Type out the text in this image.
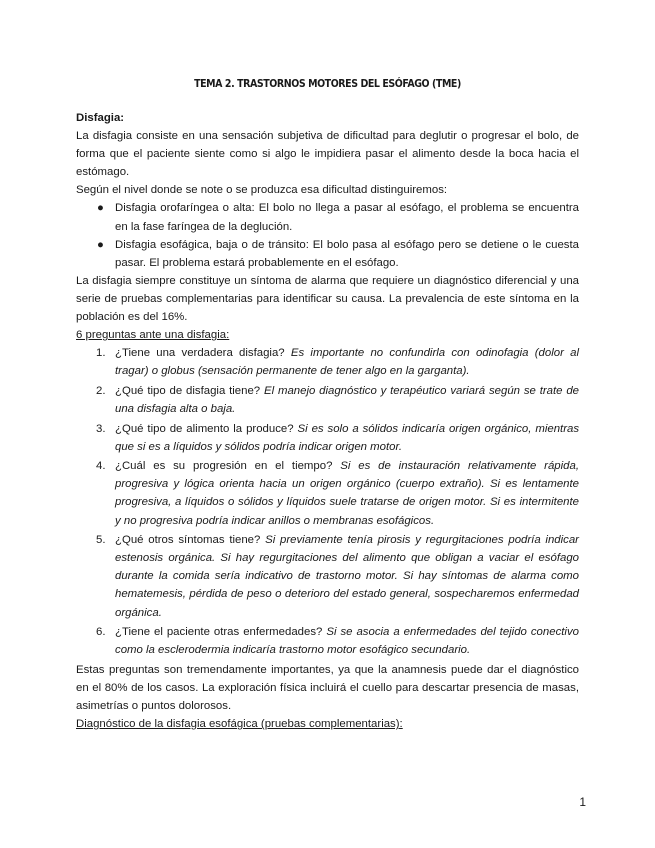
TEMA 2. TRASTORNOS MOTORES DEL ESÓFAGO (TME)

Disfagia:

La disfagia consiste en una sensación subjetiva de dificultad para deglutir o progresar el bolo, de forma que el paciente siente como si algo le impidiera pasar el alimento desde la boca hacia el estómago.

Según el nivel donde se note o se produzca esa dificultad distinguiremos:

● Disfagia orofaríngea o alta: El bolo no llega a pasar al esófago, el problema se encuentra en la fase faríngea de la deglución.
● Disfagia esofágica, baja o de tránsito: El bolo pasa al esófago pero se detiene o le cuesta pasar. El problema estará probablemente en el esófago.

La disfagia siempre constituye un síntoma de alarma que requiere un diagnóstico diferencial y una serie de pruebas complementarias para identificar su causa. La prevalencia de este síntoma en la población es del 16%.

6 preguntas ante una disfagia:

1. ¿Tiene una verdadera disfagia? Es importante no confundirla con odinofagia (dolor al tragar) o globus (sensación permanente de tener algo en la garganta).
2. ¿Qué tipo de disfagia tiene? El manejo diagnóstico y terapéutico variará según se trate de una disfagia alta o baja.
3. ¿Qué tipo de alimento la produce? Si es solo a sólidos indicaría origen orgánico, mientras que si es a líquidos y sólidos podría indicar origen motor.
4. ¿Cuál es su progresión en el tiempo? Si es de instauración relativamente rápida, progresiva y lógica orienta hacia un origen orgánico (cuerpo extraño). Si es lentamente progresiva, a líquidos o sólidos y líquidos suele tratarse de origen motor. Si es intermitente y no progresiva podría indicar anillos o membranas esofágicos.
5. ¿Qué otros síntomas tiene? Si previamente tenía pirosis y regurgitaciones podría indicar estenosis orgánica. Si hay regurgitaciones del alimento que obligan a vaciar el esófago durante la comida sería indicativo de trastorno motor. Si hay síntomas de alarma como hematemesis, pérdida de peso o deterioro del estado general, sospecharemos enfermedad orgánica.
6. ¿Tiene el paciente otras enfermedades? Si se asocia a enfermedades del tejido conectivo como la esclerodermia indicaría trastorno motor esofágico secundario.

Estas preguntas son tremendamente importantes, ya que la anamnesis puede dar el diagnóstico en el 80% de los casos. La exploración física incluirá el cuello para descartar presencia de masas, asimetrías o puntos dolorosos.

Diagnóstico de la disfagia esofágica (pruebas complementarias):

1
